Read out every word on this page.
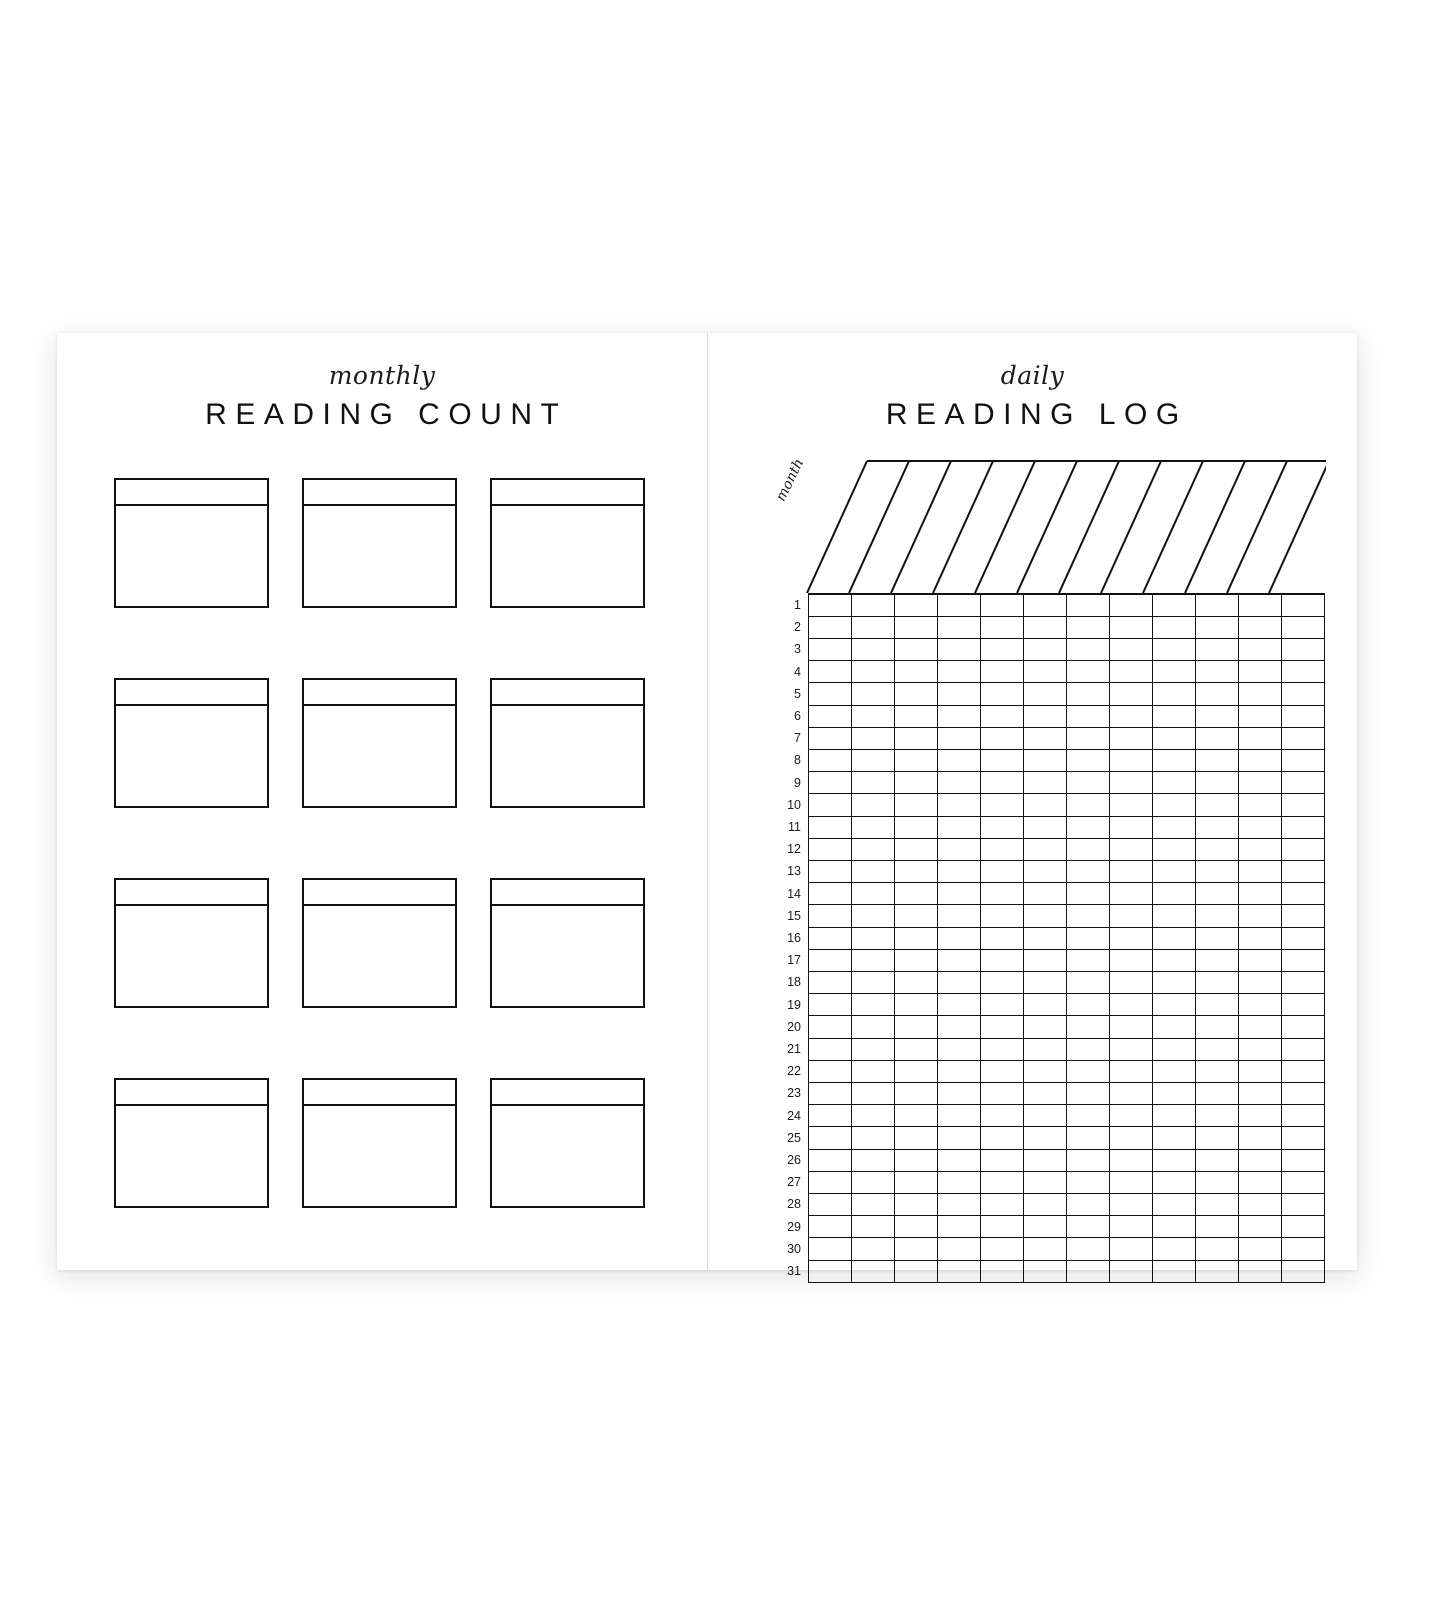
monthly
READING COUNT
daily
READING LOG
month
1												
2												
3												
4												
5												
6												
7												
8												
9												
10												
11												
12												
13												
14												
15												
16												
17												
18												
19												
20												
21												
22												
23												
24												
25												
26												
27												
28												
29												
30												
31												
